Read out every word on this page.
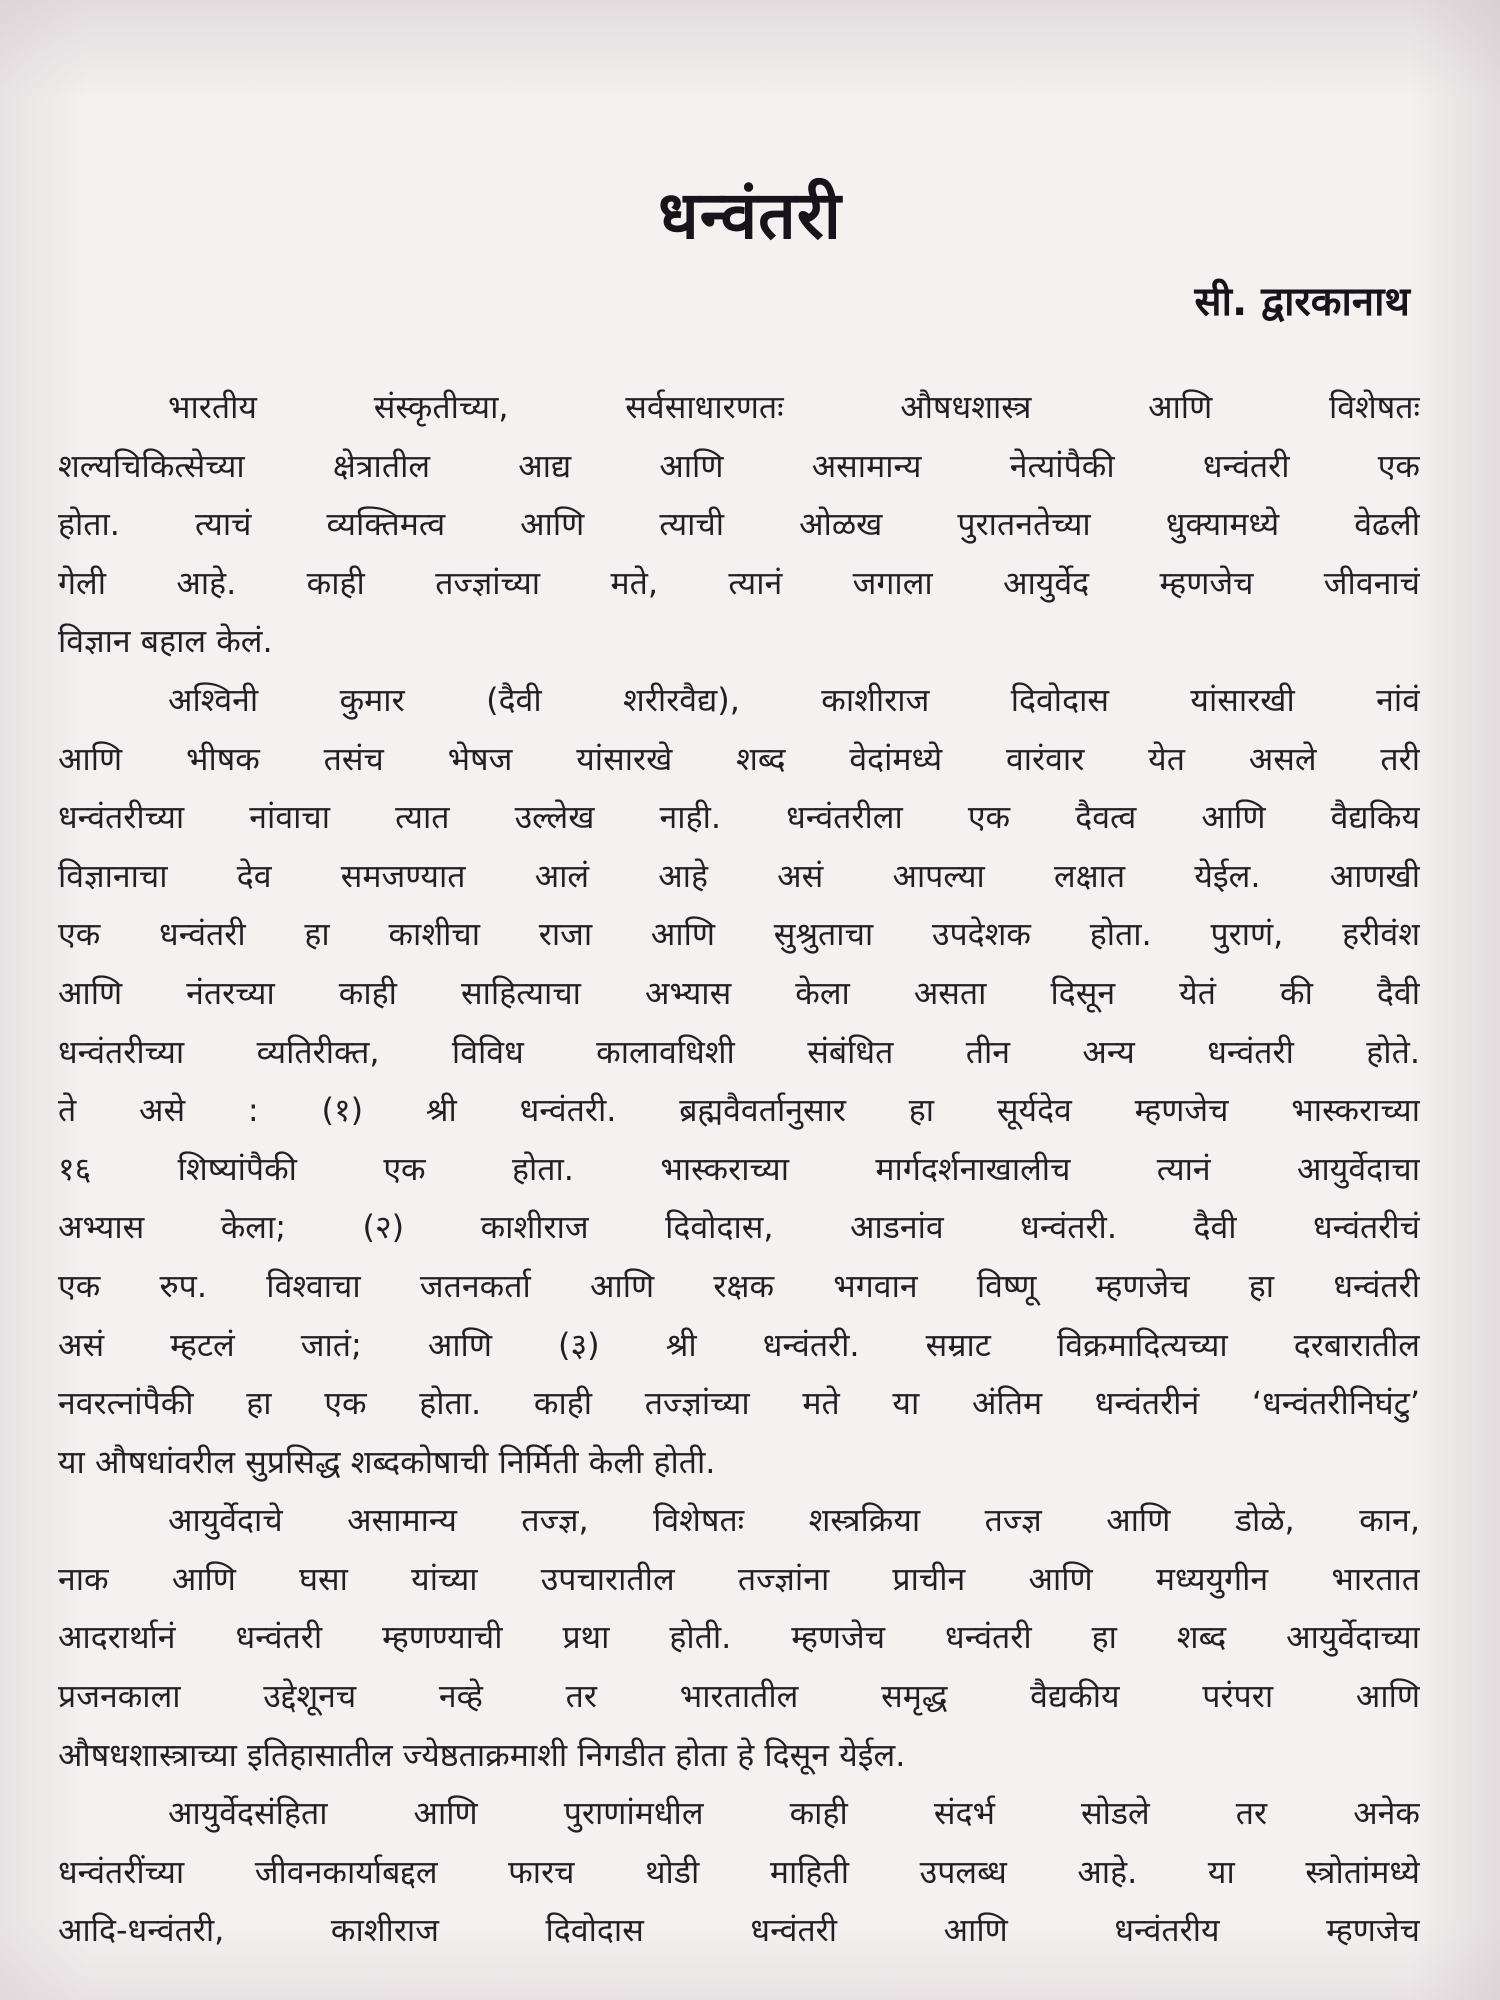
धन्वंतरी
सी. द्वारकानाथ

भारतीय संस्कृतीच्या, सर्वसाधारणतः औषधशास्त्र आणि विशेषतः
शल्यचिकित्सेच्या क्षेत्रातील आद्य आणि असामान्य नेत्यांपैकी धन्वंतरी एक
होता. त्याचं व्यक्तिमत्व आणि त्याची ओळख पुरातनतेच्या धुक्यामध्ये वेढली
गेली आहे. काही तज्ज्ञांच्या मते, त्यानं जगाला आयुर्वेद म्हणजेच जीवनाचं
विज्ञान बहाल केलं.

अश्विनी कुमार (दैवी शरीरवैद्य), काशीराज दिवोदास यांसारखी नांवं
आणि भीषक तसंच भेषज यांसारखे शब्द वेदांमध्ये वारंवार येत असले तरी
धन्वंतरीच्या नांवाचा त्यात उल्लेख नाही. धन्वंतरीला एक दैवत्व आणि वैद्यकिय
विज्ञानाचा देव समजण्यात आलं आहे असं आपल्या लक्षात येईल. आणखी
एक धन्वंतरी हा काशीचा राजा आणि सुश्रुताचा उपदेशक होता. पुराणं, हरीवंश
आणि नंतरच्या काही साहित्याचा अभ्यास केला असता दिसून येतं की दैवी
धन्वंतरीच्या व्यतिरीक्त, विविध कालावधिशी संबंधित तीन अन्य धन्वंतरी होते.
ते असे : (१) श्री धन्वंतरी. ब्रह्मवैवर्तानुसार हा सूर्यदेव म्हणजेच भास्कराच्या
१६ शिष्यांपैकी एक होता. भास्कराच्या मार्गदर्शनाखालीच त्यानं आयुर्वेदाचा
अभ्यास केला; (२) काशीराज दिवोदास, आडनांव धन्वंतरी. दैवी धन्वंतरीचं
एक रुप. विश्वाचा जतनकर्ता आणि रक्षक भगवान विष्णू म्हणजेच हा धन्वंतरी
असं म्हटलं जातं; आणि (३) श्री धन्वंतरी. सम्राट विक्रमादित्यच्या दरबारातील
नवरत्नांपैकी हा एक होता. काही तज्ज्ञांच्या मते या अंतिम धन्वंतरीनं ‘धन्वंतरीनिघंटु’
या औषधांवरील सुप्रसिद्ध शब्दकोषाची निर्मिती केली होती.

आयुर्वेदाचे असामान्य तज्ज्ञ, विशेषतः शस्त्रक्रिया तज्ज्ञ आणि डोळे, कान,
नाक आणि घसा यांच्या उपचारातील तज्ज्ञांना प्राचीन आणि मध्ययुगीन भारतात
आदरार्थानं धन्वंतरी म्हणण्याची प्रथा होती. म्हणजेच धन्वंतरी हा शब्द आयुर्वेदाच्या
प्रजनकाला उद्देशूनच नव्हे तर भारतातील समृद्ध वैद्यकीय परंपरा आणि
औषधशास्त्राच्या इतिहासातील ज्येष्ठताक्रमाशी निगडीत होता हे दिसून येईल.

आयुर्वेदसंहिता आणि पुराणांमधील काही संदर्भ सोडले तर अनेक
धन्वंतरींच्या जीवनकार्याबद्दल फारच थोडी माहिती उपलब्ध आहे. या स्त्रोतांमध्ये
आदि-धन्वंतरी, काशीराज दिवोदास धन्वंतरी आणि धन्वंतरीय म्हणजेच
